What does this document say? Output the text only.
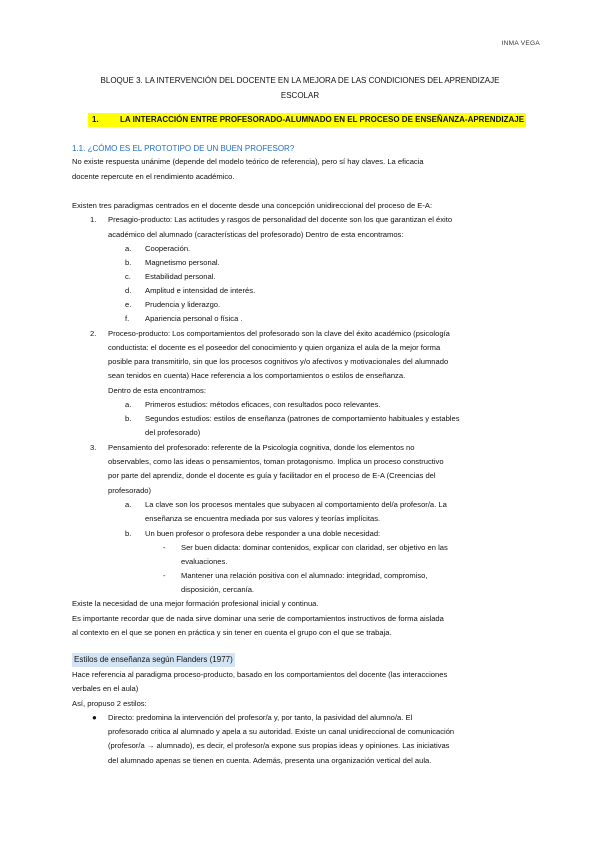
INMA VEGA
BLOQUE 3. LA INTERVENCIÓN DEL DOCENTE EN LA MEJORA DE LAS CONDICIONES DEL APRENDIZAJE
ESCOLAR
1.	LA INTERACCIÓN ENTRE PROFESORADO-ALUMNADO EN EL PROCESO DE ENSEÑANZA-APRENDIZAJE
1.1. ¿CÓMO ES EL PROTOTIPO DE UN BUEN PROFESOR?
No existe respuesta unánime (depende del modelo teórico de referencia), pero sí hay claves. La eficacia
docente repercute en el rendimiento académico.
Existen tres paradigmas centrados en el docente desde una concepción unidireccional del proceso de E-A:
1. Presagio-producto: Las actitudes y rasgos de personalidad del docente son los que garantizan el éxito
académico del alumnado (características del profesorado) Dentro de esta encontramos:
a. Cooperación.
b. Magnetismo personal.
c. Estabilidad personal.
d. Amplitud e intensidad de interés.
e. Prudencia y liderazgo.
f. Apariencia personal o física .
2. Proceso-producto: Los comportamientos del profesorado son la clave del éxito académico (psicología
conductista: el docente es el poseedor del conocimiento y quien organiza el aula de la mejor forma
posible para transmitirlo, sin que los procesos cognitivos y/o afectivos y motivacionales del alumnado
sean tenidos en cuenta) Hace referencia a los comportamientos o estilos de enseñanza.
Dentro de esta encontramos:
a. Primeros estudios: métodos eficaces, con resultados poco relevantes.
b. Segundos estudios: estilos de enseñanza (patrones de comportamiento habituales y estables
del profesorado)
3. Pensamiento del profesorado: referente de la Psicología cognitiva, donde los elementos no
observables, como las ideas o pensamientos, toman protagonismo. Implica un proceso constructivo
por parte del aprendiz, donde el docente es guía y facilitador en el proceso de E-A (Creencias del
profesorado)
a. La clave son los procesos mentales que subyacen al comportamiento del/a profesor/a. La
enseñanza se encuentra mediada por sus valores y teorías implícitas.
b. Un buen profesor o profesora debe responder a una doble necesidad:
- Ser buen didacta: dominar contenidos, explicar con claridad, ser objetivo en las
evaluaciones.
- Mantener una relación positiva con el alumnado: integridad, compromiso,
disposición, cercanía.
Existe la necesidad de una mejor formación profesional inicial y continua.
Es importante recordar que de nada sirve dominar una serie de comportamientos instructivos de forma aislada
al contexto en el que se ponen en práctica y sin tener en cuenta el grupo con el que se trabaja.
Estilos de enseñanza según Flanders (1977)
Hace referencia al paradigma proceso-producto, basado en los comportamientos del docente (las interacciones
verbales en el aula)
Así, propuso 2 estilos:
● Directo: predomina la intervención del profesor/a y, por tanto, la pasividad del alumno/a. El
profesorado critica al alumnado y apela a su autoridad. Existe un canal unidireccional de comunicación
(profesor/a → alumnado), es decir, el profesor/a expone sus propias ideas y opiniones. Las iniciativas
del alumnado apenas se tienen en cuenta. Además, presenta una organización vertical del aula.
